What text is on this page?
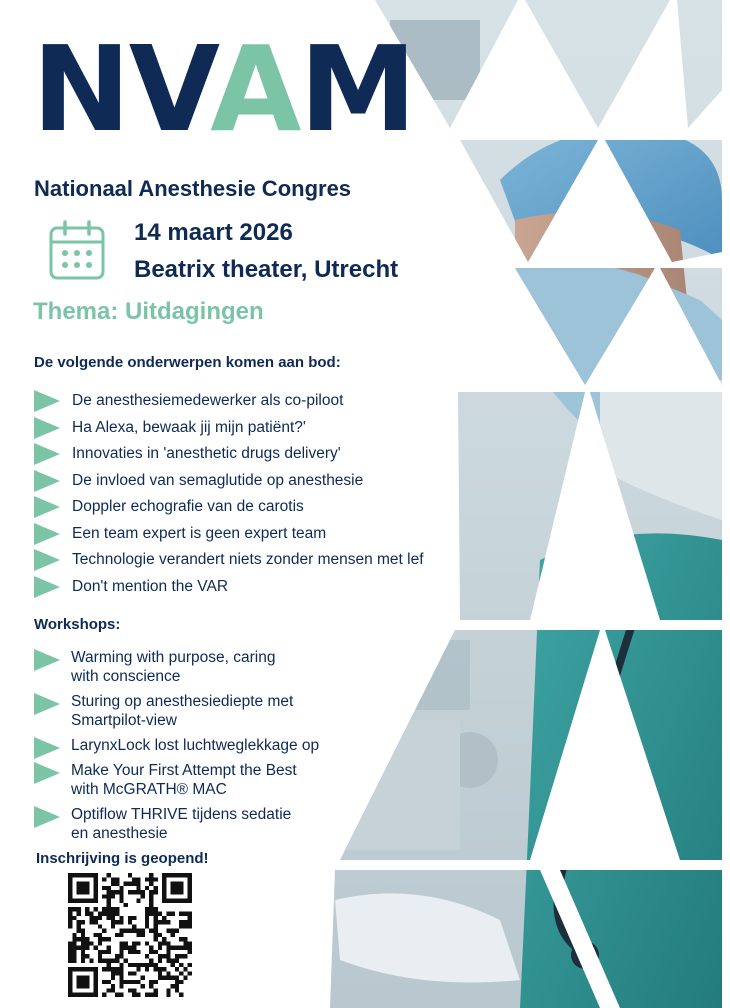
NVAM
Nationaal Anesthesie Congres
14 maart 2026
Beatrix theater, Utrecht
Thema: Uitdagingen
De volgende onderwerpen komen aan bod:
De anesthesiemedewerker als co-piloot
Ha Alexa, bewaak jij mijn patiënt?'
Innovaties in 'anesthetic drugs delivery'
De invloed van semaglutide op anesthesie
Doppler echografie van de carotis
Een team expert is geen expert team
Technologie verandert niets zonder mensen met lef
Don't mention the VAR
Workshops:
Warming with purpose, caring
with conscience
Sturing op anesthesiediepte met
Smartpilot-view
LarynxLock lost luchtweglekkage op
Make Your First Attempt the Best
with McGRATH® MAC
Optiflow THRIVE tijdens sedatie
en anesthesie
Inschrijving is geopend!
